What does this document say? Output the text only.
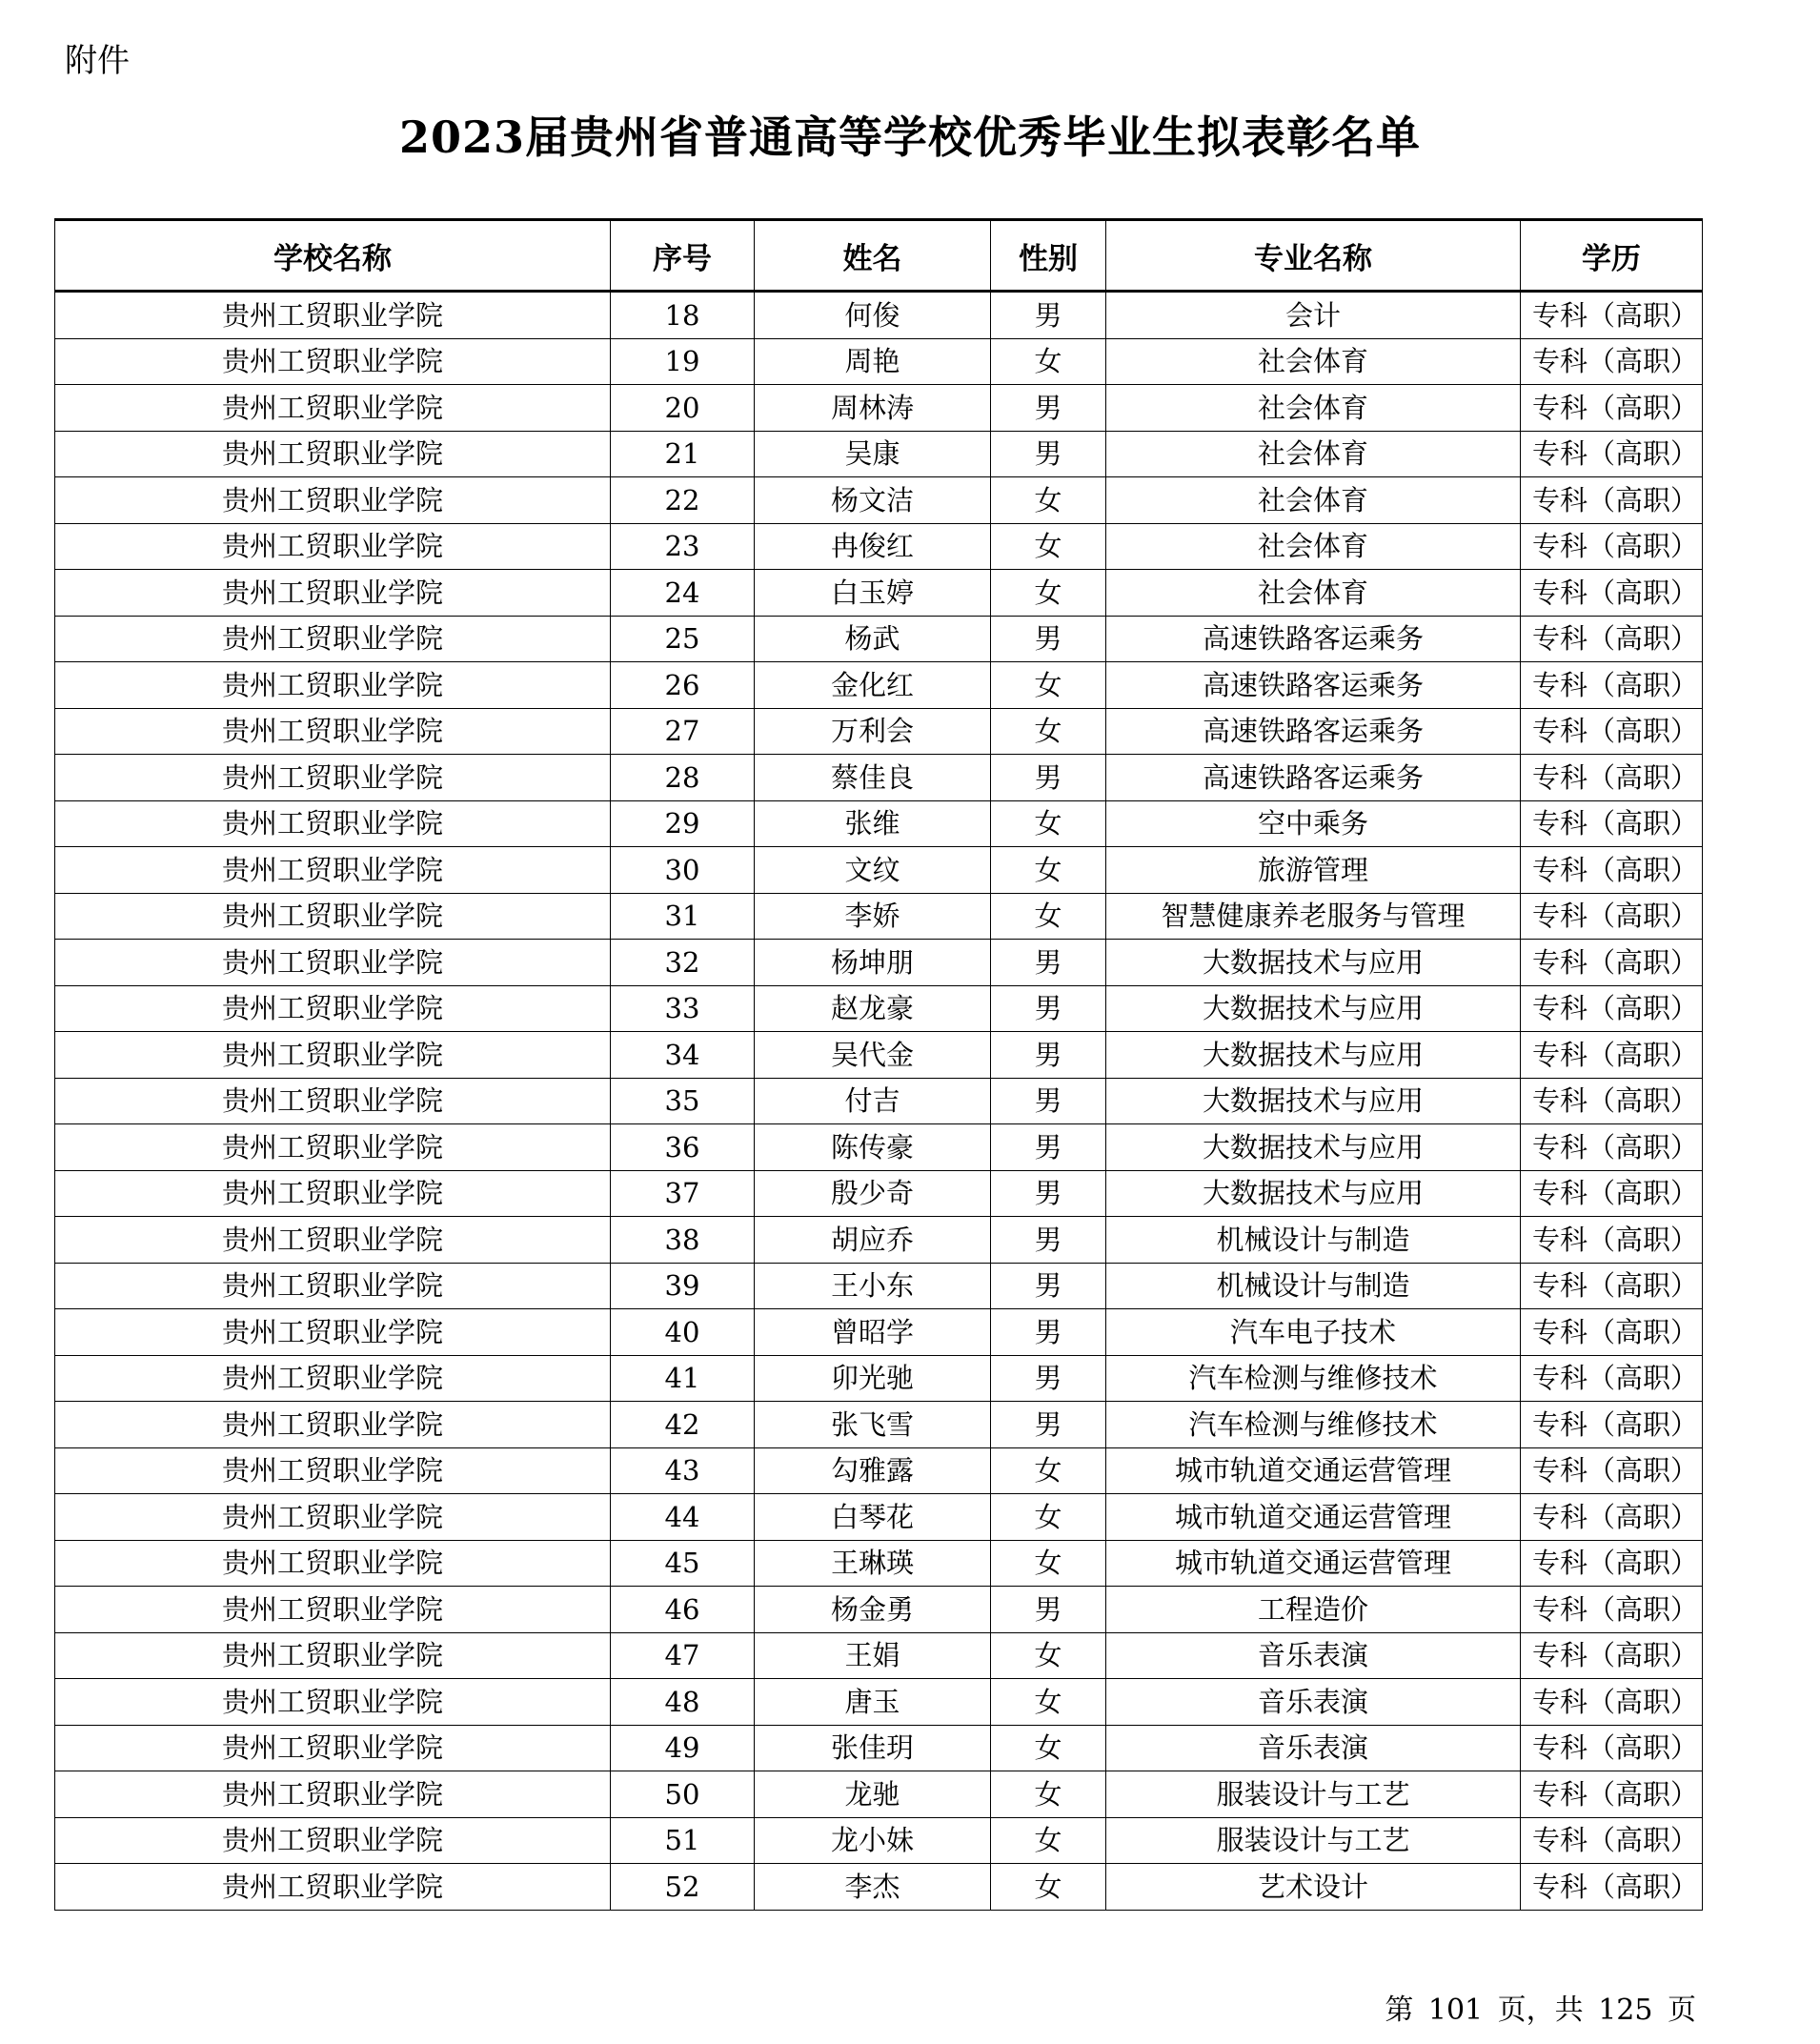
附件
2023届贵州省普通高等学校优秀毕业生拟表彰名单
学校名称	序号	姓名	性别	专业名称	学历
贵州工贸职业学院	18	何俊	男	会计	专科（高职）
贵州工贸职业学院	19	周艳	女	社会体育	专科（高职）
贵州工贸职业学院	20	周林涛	男	社会体育	专科（高职）
贵州工贸职业学院	21	吴康	男	社会体育	专科（高职）
贵州工贸职业学院	22	杨文洁	女	社会体育	专科（高职）
贵州工贸职业学院	23	冉俊红	女	社会体育	专科（高职）
贵州工贸职业学院	24	白玉婷	女	社会体育	专科（高职）
贵州工贸职业学院	25	杨武	男	高速铁路客运乘务	专科（高职）
贵州工贸职业学院	26	金化红	女	高速铁路客运乘务	专科（高职）
贵州工贸职业学院	27	万利会	女	高速铁路客运乘务	专科（高职）
贵州工贸职业学院	28	蔡佳良	男	高速铁路客运乘务	专科（高职）
贵州工贸职业学院	29	张维	女	空中乘务	专科（高职）
贵州工贸职业学院	30	文纹	女	旅游管理	专科（高职）
贵州工贸职业学院	31	李娇	女	智慧健康养老服务与管理	专科（高职）
贵州工贸职业学院	32	杨坤朋	男	大数据技术与应用	专科（高职）
贵州工贸职业学院	33	赵龙豪	男	大数据技术与应用	专科（高职）
贵州工贸职业学院	34	吴代金	男	大数据技术与应用	专科（高职）
贵州工贸职业学院	35	付吉	男	大数据技术与应用	专科（高职）
贵州工贸职业学院	36	陈传豪	男	大数据技术与应用	专科（高职）
贵州工贸职业学院	37	殷少奇	男	大数据技术与应用	专科（高职）
贵州工贸职业学院	38	胡应乔	男	机械设计与制造	专科（高职）
贵州工贸职业学院	39	王小东	男	机械设计与制造	专科（高职）
贵州工贸职业学院	40	曾昭学	男	汽车电子技术	专科（高职）
贵州工贸职业学院	41	卯光驰	男	汽车检测与维修技术	专科（高职）
贵州工贸职业学院	42	张飞雪	男	汽车检测与维修技术	专科（高职）
贵州工贸职业学院	43	勾雅露	女	城市轨道交通运营管理	专科（高职）
贵州工贸职业学院	44	白琴花	女	城市轨道交通运营管理	专科（高职）
贵州工贸职业学院	45	王琳瑛	女	城市轨道交通运营管理	专科（高职）
贵州工贸职业学院	46	杨金勇	男	工程造价	专科（高职）
贵州工贸职业学院	47	王娟	女	音乐表演	专科（高职）
贵州工贸职业学院	48	唐玉	女	音乐表演	专科（高职）
贵州工贸职业学院	49	张佳玥	女	音乐表演	专科（高职）
贵州工贸职业学院	50	龙驰	女	服装设计与工艺	专科（高职）
贵州工贸职业学院	51	龙小妹	女	服装设计与工艺	专科（高职）
贵州工贸职业学院	52	李杰	女	艺术设计	专科（高职）
第 101 页，共 125 页
